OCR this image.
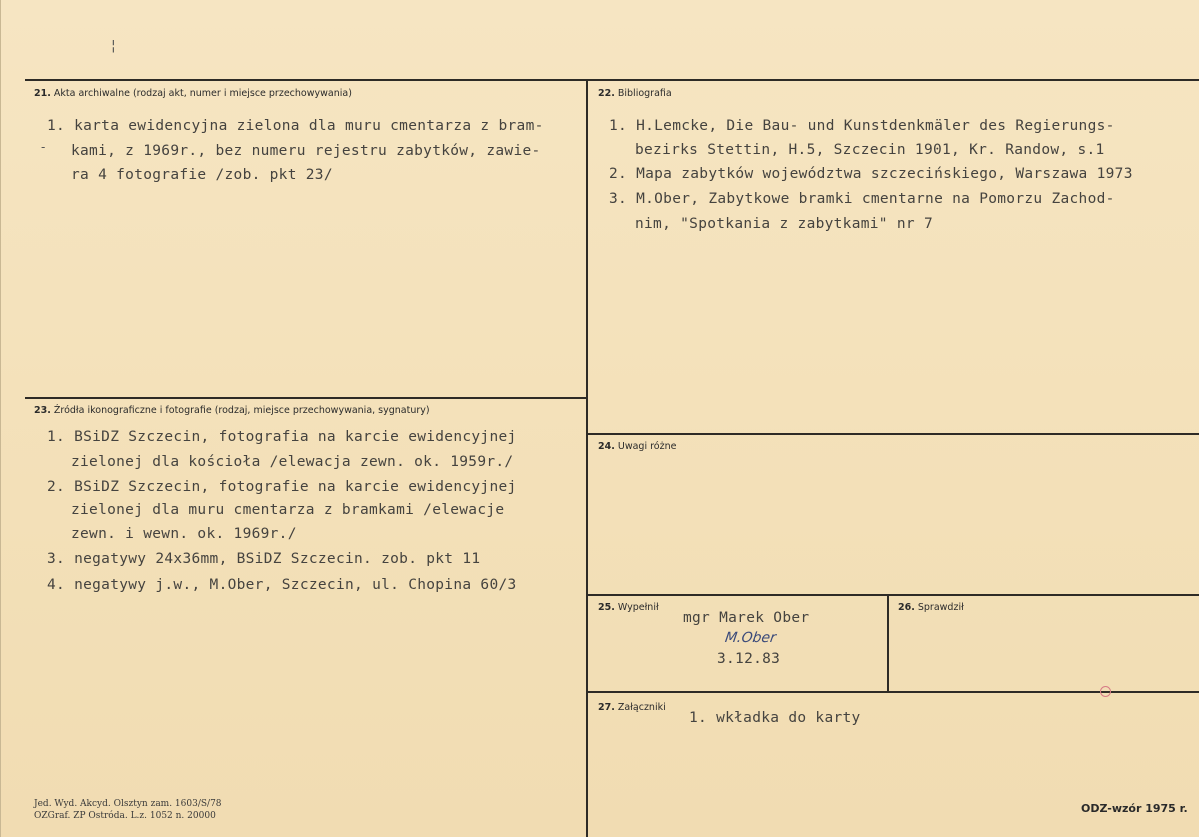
¦
-
21. Akta archiwalne (rodzaj akt, numer i miejsce przechowywania)
1. karta ewidencyjna zielona dla muru cmentarza z bram-
kami, z 1969r., bez numeru rejestru zabytków, zawie-
ra 4 fotografie /zob. pkt 23/
22. Bibliografia
1. H.Lemcke, Die Bau- und Kunstdenkmäler des Regierungs-
bezirks Stettin, H.5, Szczecin 1901, Kr. Randow, s.1
2. Mapa zabytków województwa szczecińskiego, Warszawa 1973
3. M.Ober, Zabytkowe bramki cmentarne na Pomorzu Zachod-
nim, "Spotkania z zabytkami" nr 7
23. Źródła ikonograficzne i fotografie (rodzaj, miejsce przechowywania, sygnatury)
1. BSiDZ Szczecin, fotografia na karcie ewidencyjnej
zielonej dla kościoła /elewacja zewn. ok. 1959r./
2. BSiDZ Szczecin, fotografie na karcie ewidencyjnej
zielonej dla muru cmentarza z bramkami /elewacje
zewn. i wewn. ok. 1969r./
3. negatywy 24x36mm, BSiDZ Szczecin. zob. pkt 11
4. negatywy j.w., M.Ober, Szczecin, ul. Chopina 60/3
24. Uwagi różne
25. Wypełnił
mgr Marek Ober
M.Ober
3.12.83
26. Sprawdził
27. Załączniki
1. wkładka do karty
Jed. Wyd. Akcyd. Olsztyn zam. 1603/S/78
OZGraf. ZP Ostróda. L.z. 1052 n. 20000
ODZ-wzór 1975 r.
